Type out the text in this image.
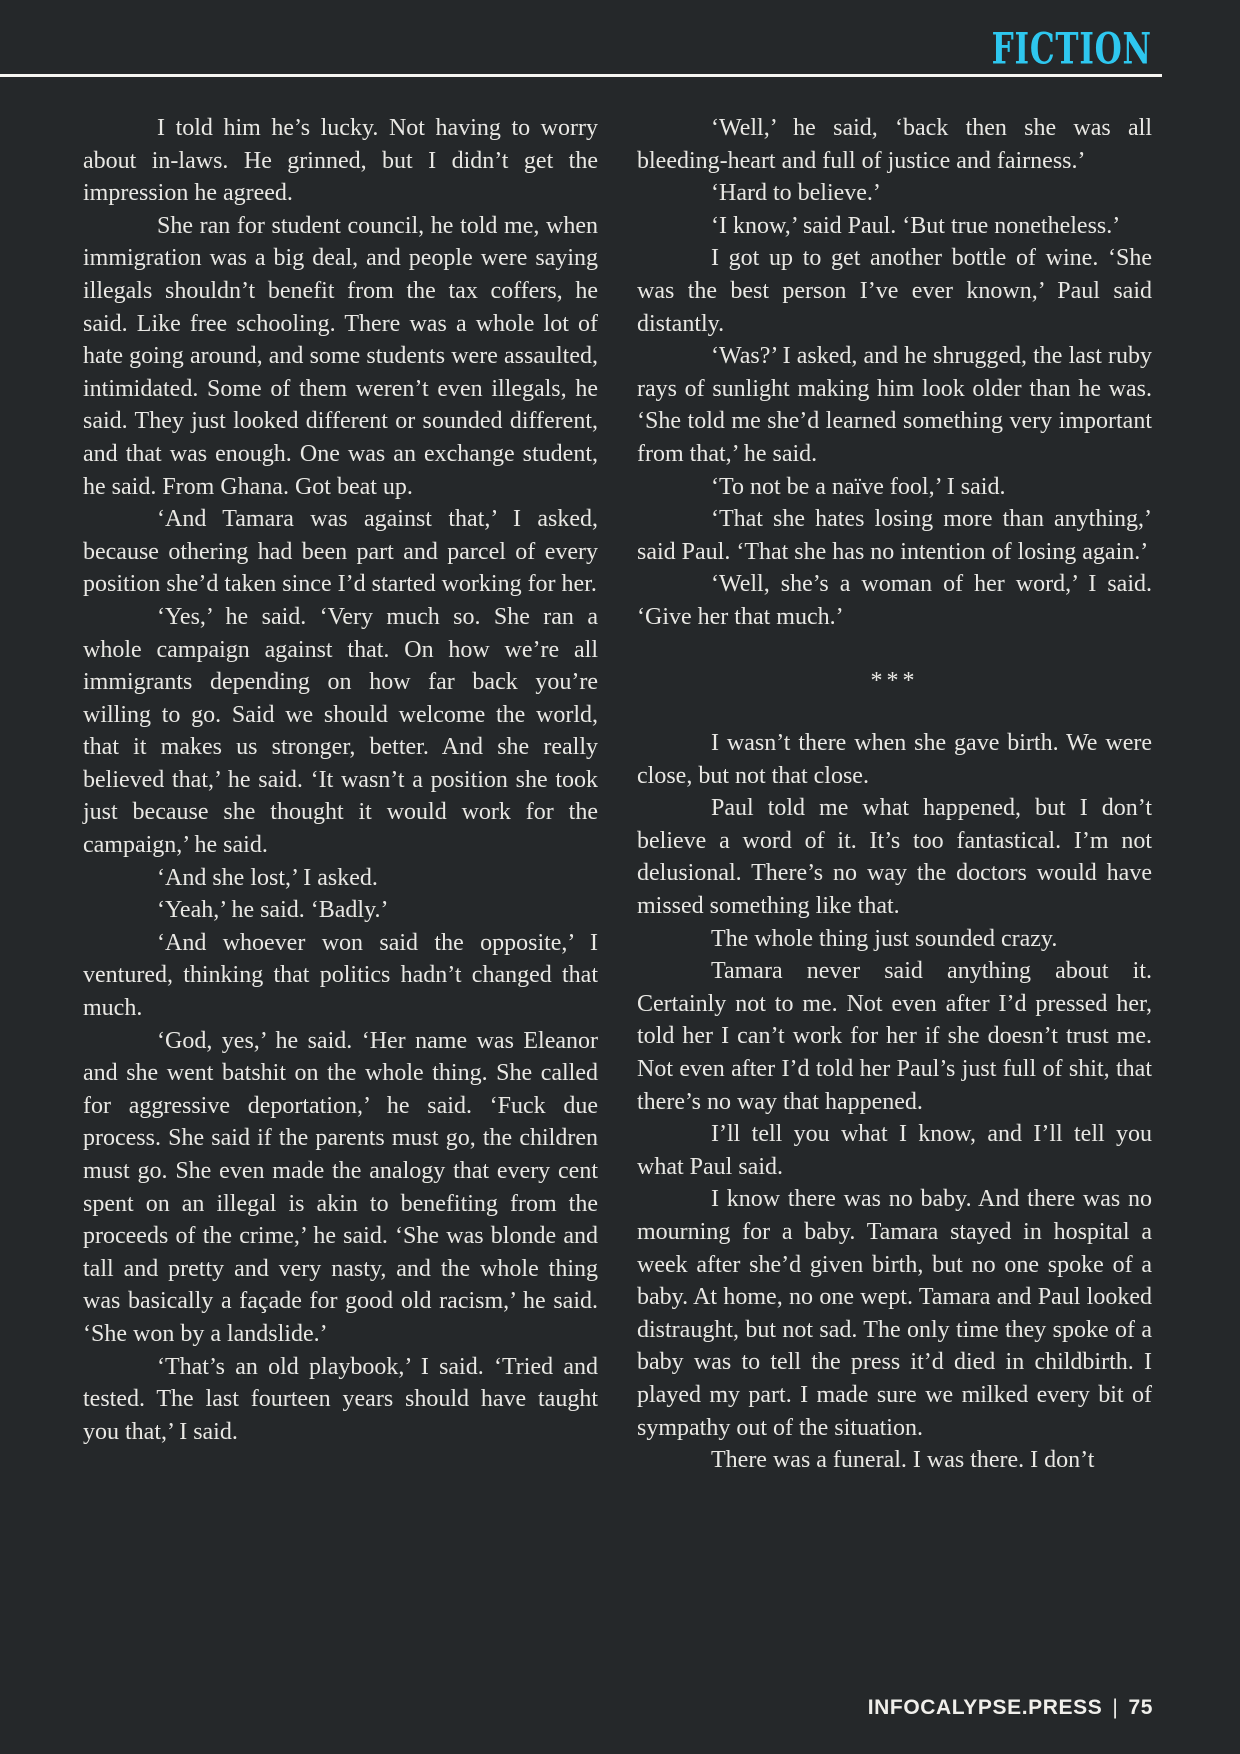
FICTION

I told him he’s lucky. Not having to worry about in-laws. He grinned, but I didn’t get the impression he agreed.

She ran for student council, he told me, when immigration was a big deal, and people were saying illegals shouldn’t benefit from the tax coffers, he said. Like free schooling. There was a whole lot of hate going around, and some students were assaulted, intimidated. Some of them weren’t even illegals, he said. They just looked different or sounded different, and that was enough. One was an exchange student, he said. From Ghana. Got beat up.

‘And Tamara was against that,’ I asked, because othering had been part and parcel of every position she’d taken since I’d started working for her.

‘Yes,’ he said. ‘Very much so. She ran a whole campaign against that. On how we’re all immigrants depending on how far back you’re willing to go. Said we should welcome the world, that it makes us stronger, better. And she really believed that,’ he said. ‘It wasn’t a position she took just because she thought it would work for the campaign,’ he said.

‘And she lost,’ I asked.

‘Yeah,’ he said. ‘Badly.’

‘And whoever won said the opposite,’ I ventured, thinking that politics hadn’t changed that much.

‘God, yes,’ he said. ‘Her name was Eleanor and she went batshit on the whole thing. She called for aggressive deportation,’ he said. ‘Fuck due process. She said if the parents must go, the children must go. She even made the analogy that every cent spent on an illegal is akin to benefiting from the proceeds of the crime,’ he said. ‘She was blonde and tall and pretty and very nasty, and the whole thing was basically a façade for good old racism,’ he said. ‘She won by a landslide.’

‘That’s an old playbook,’ I said. ‘Tried and tested. The last fourteen years should have taught you that,’ I said.

‘Well,’ he said, ‘back then she was all bleeding-heart and full of justice and fairness.’

‘Hard to believe.’

‘I know,’ said Paul. ‘But true nonetheless.’

I got up to get another bottle of wine. ‘She was the best person I’ve ever known,’ Paul said distantly.

‘Was?’ I asked, and he shrugged, the last ruby rays of sunlight making him look older than he was. ‘She told me she’d learned something very important from that,’ he said.

‘To not be a naïve fool,’ I said.

‘That she hates losing more than anything,’ said Paul. ‘That she has no intention of losing again.’

‘Well, she’s a woman of her word,’ I said. ‘Give her that much.’

***

I wasn’t there when she gave birth. We were close, but not that close.

Paul told me what happened, but I don’t believe a word of it. It’s too fantastical. I’m not delusional. There’s no way the doctors would have missed something like that.

The whole thing just sounded crazy.

Tamara never said anything about it. Certainly not to me. Not even after I’d pressed her, told her I can’t work for her if she doesn’t trust me. Not even after I’d told her Paul’s just full of shit, that there’s no way that happened.

I’ll tell you what I know, and I’ll tell you what Paul said.

I know there was no baby. And there was no mourning for a baby. Tamara stayed in hospital a week after she’d given birth, but no one spoke of a baby. At home, no one wept. Tamara and Paul looked distraught, but not sad. The only time they spoke of a baby was to tell the press it’d died in childbirth. I played my part. I made sure we milked every bit of sympathy out of the situation.

There was a funeral. I was there. I don’t

INFOCALYPSE.PRESS | 75
